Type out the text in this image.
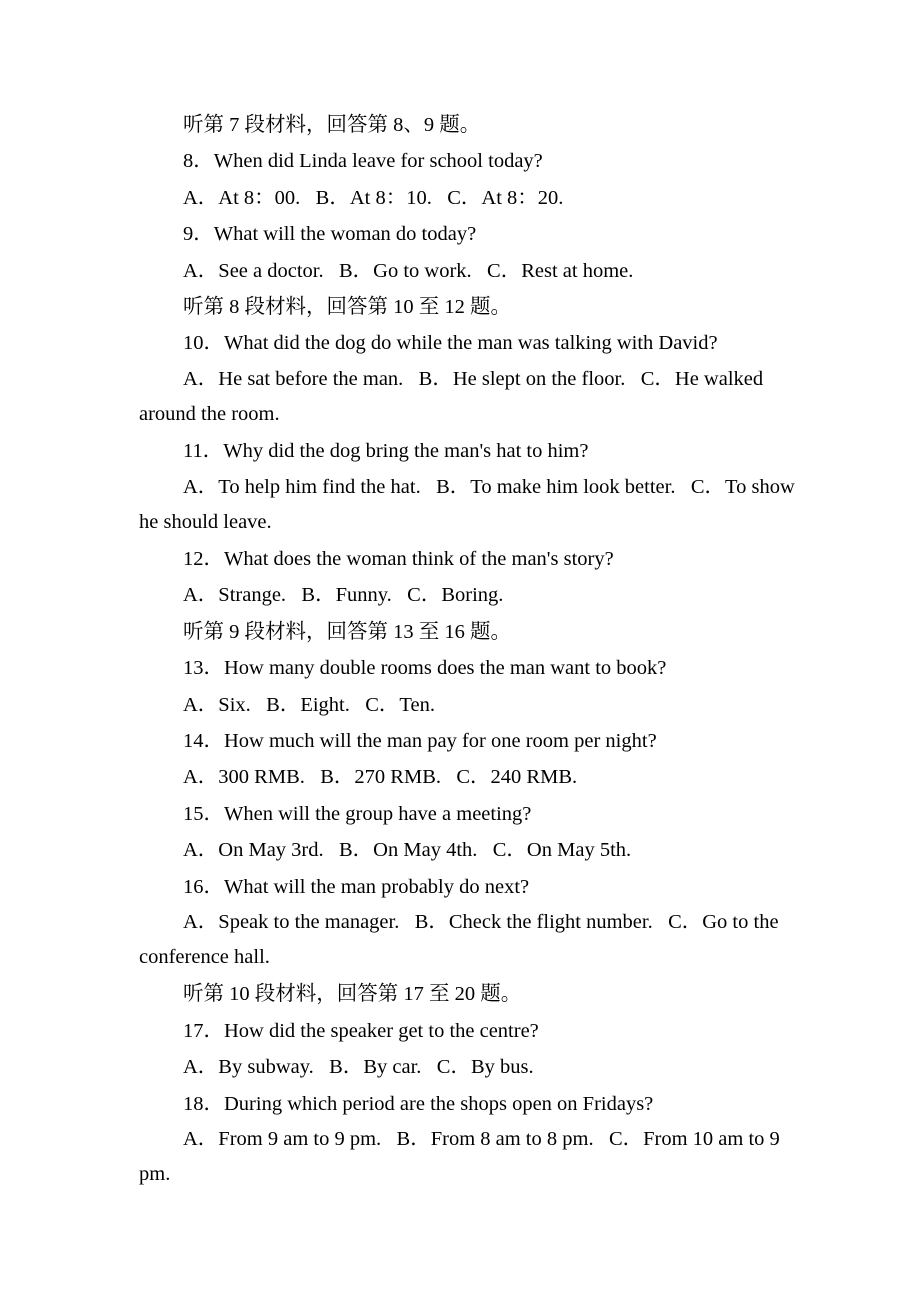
听第 7 段材料，回答第 8、9 题。

8．When did Linda leave for school today?

A．At 8：00.   B．At 8：10.   C．At 8：20.

9．What will the woman do today?

A．See a doctor.   B．Go to work.   C．Rest at home.

听第 8 段材料，回答第 10 至 12 题。

10．What did the dog do while the man was talking with David?

A．He sat before the man.   B．He slept on the floor.   C．He walked around the room.

11．Why did the dog bring the man's hat to him?

A．To help him find the hat.   B．To make him look better.   C．To show he should leave.

12．What does the woman think of the man's story?

A．Strange.   B．Funny.   C．Boring.

听第 9 段材料，回答第 13 至 16 题。

13．How many double rooms does the man want to book?

A．Six.   B．Eight.   C．Ten.

14．How much will the man pay for one room per night?

A．300 RMB.   B．270 RMB.   C．240 RMB.

15．When will the group have a meeting?

A．On May 3rd.   B．On May 4th.   C．On May 5th.

16．What will the man probably do next?

A．Speak to the manager.   B．Check the flight number.   C．Go to the conference hall.

听第 10 段材料，回答第 17 至 20 题。

17．How did the speaker get to the centre?

A．By subway.   B．By car.   C．By bus.

18．During which period are the shops open on Fridays?

A．From 9 am to 9 pm.   B．From 8 am to 8 pm.   C．From 10 am to 9 pm.
